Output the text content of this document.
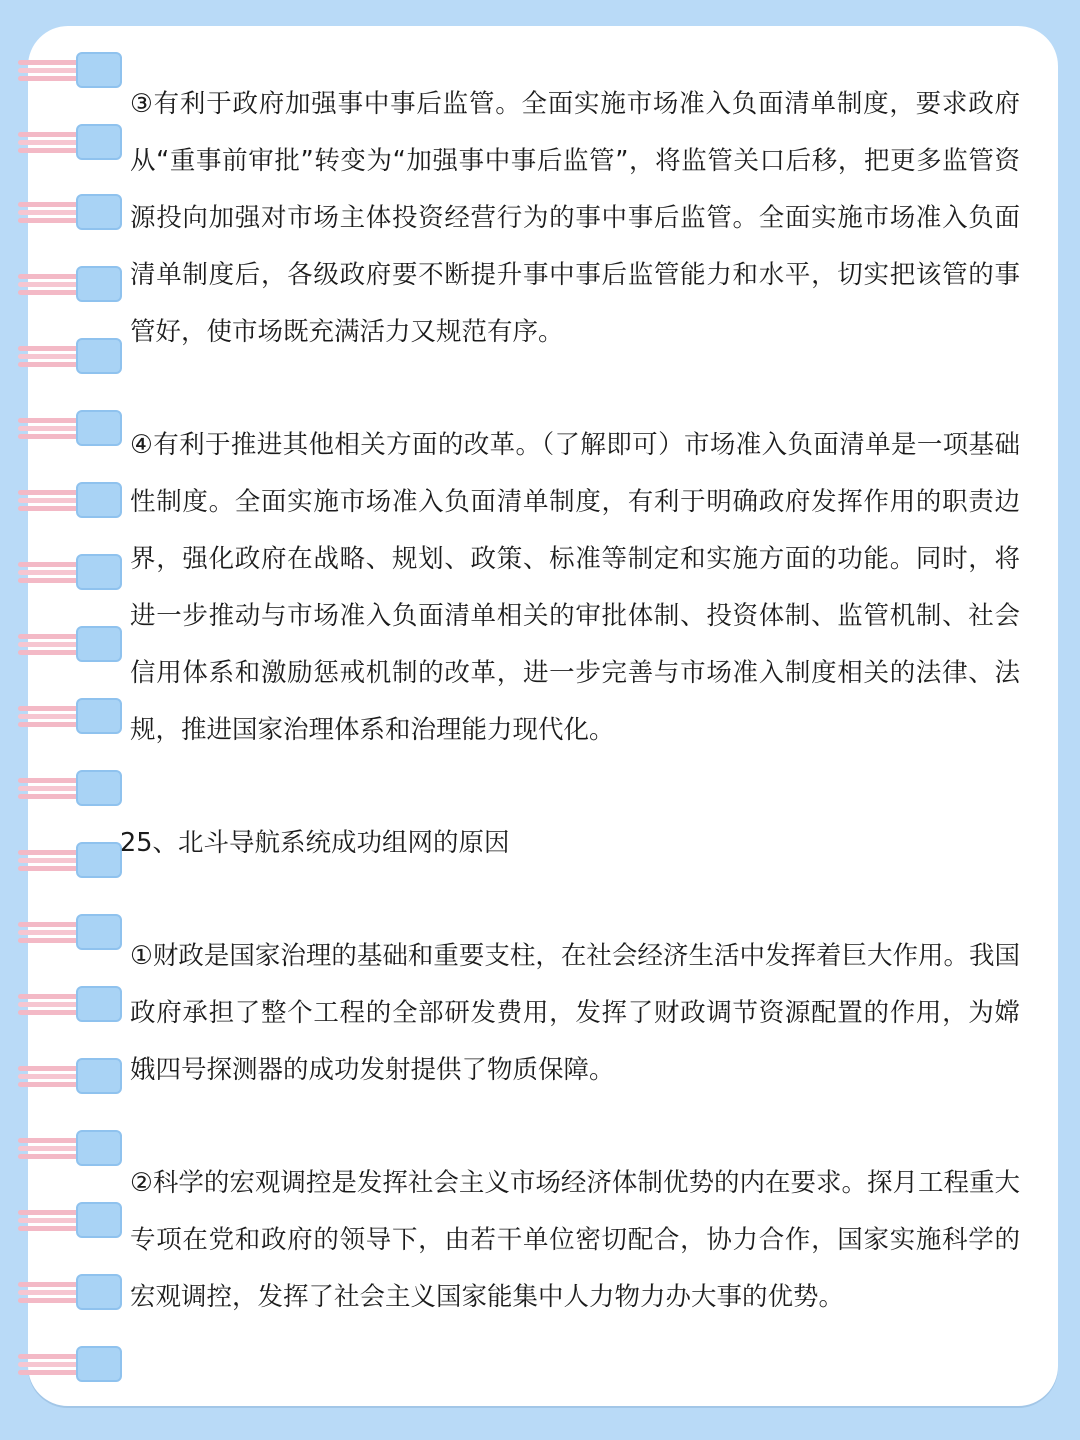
③有利于政府加强事中事后监管。全面实施市场准入负面清单制度，要求政府从“重事前审批”转变为“加强事中事后监管”，将监管关口后移，把更多监管资源投向加强对市场主体投资经营行为的事中事后监管。全面实施市场准入负面清单制度后，各级政府要不断提升事中事后监管能力和水平，切实把该管的事管好，使市场既充满活力又规范有序。

④有利于推进其他相关方面的改革。（了解即可）市场准入负面清单是一项基础性制度。全面实施市场准入负面清单制度，有利于明确政府发挥作用的职责边界，强化政府在战略、规划、政策、标准等制定和实施方面的功能。同时，将进一步推动与市场准入负面清单相关的审批体制、投资体制、监管机制、社会信用体系和激励惩戒机制的改革，进一步完善与市场准入制度相关的法律、法规，推进国家治理体系和治理能力现代化。

25、北斗导航系统成功组网的原因

①财政是国家治理的基础和重要支柱，在社会经济生活中发挥着巨大作用。我国政府承担了整个工程的全部研发费用，发挥了财政调节资源配置的作用，为嫦娥四号探测器的成功发射提供了物质保障。

②科学的宏观调控是发挥社会主义市场经济体制优势的内在要求。探月工程重大专项在党和政府的领导下，由若干单位密切配合，协力合作，国家实施科学的宏观调控，发挥了社会主义国家能集中人力物力办大事的优势。
